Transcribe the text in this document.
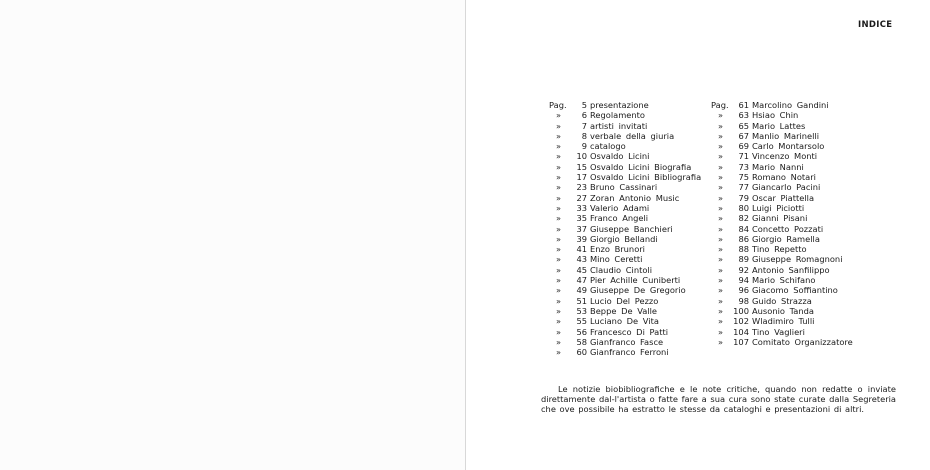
INDICE
Pag.	5 presentazione
»	6 Regolamento
»	7 artisti invitati
»	8 verbale della giuria
»	9 catalogo
»	10 Osvaldo Licini
»	15 Osvaldo Licini Biografia
»	17 Osvaldo Licini Bibliografia
»	23 Bruno Cassinari
»	27 Zoran Antonio Music
»	33 Valerio Adami
»	35 Franco Angeli
»	37 Giuseppe Banchieri
»	39 Giorgio Bellandi
»	41 Enzo Brunori
»	43 Mino Ceretti
»	45 Claudio Cintoli
»	47 Pier Achille Cuniberti
»	49 Giuseppe De Gregorio
»	51 Lucio Del Pezzo
»	53 Beppe De Valle
»	55 Luciano De Vita
»	56 Francesco Di Patti
»	58 Gianfranco Fasce
»	60 Gianfranco Ferroni
Pag.	61 Marcolino Gandini
»	63 Hsiao Chin
»	65 Mario Lattes
»	67 Manlio Marinelli
»	69 Carlo Montarsolo
»	71 Vincenzo Monti
»	73 Mario Nanni
»	75 Romano Notari
»	77 Giancarlo Pacini
»	79 Oscar Piattella
»	80 Luigi Piciotti
»	82 Gianni Pisani
»	84 Concetto Pozzati
»	86 Giorgio Ramella
»	88 Tino Repetto
»	89 Giuseppe Romagnoni
»	92 Antonio Sanfilippo
»	94 Mario Schifano
»	96 Giacomo Soffiantino
»	98 Guido Strazza
»	100 Ausonio Tanda
»	102 Wladimiro Tulli
»	104 Tino Vaglieri
»	107 Comitato Organizzatore
Le notizie biobibliografiche e le note critiche, quando non redatte o inviate direttamente dal-l'artista o fatte fare a sua cura sono state curate dalla Segreteria che ove possibile ha estratto le stesse da cataloghi e presentazioni di altri.
